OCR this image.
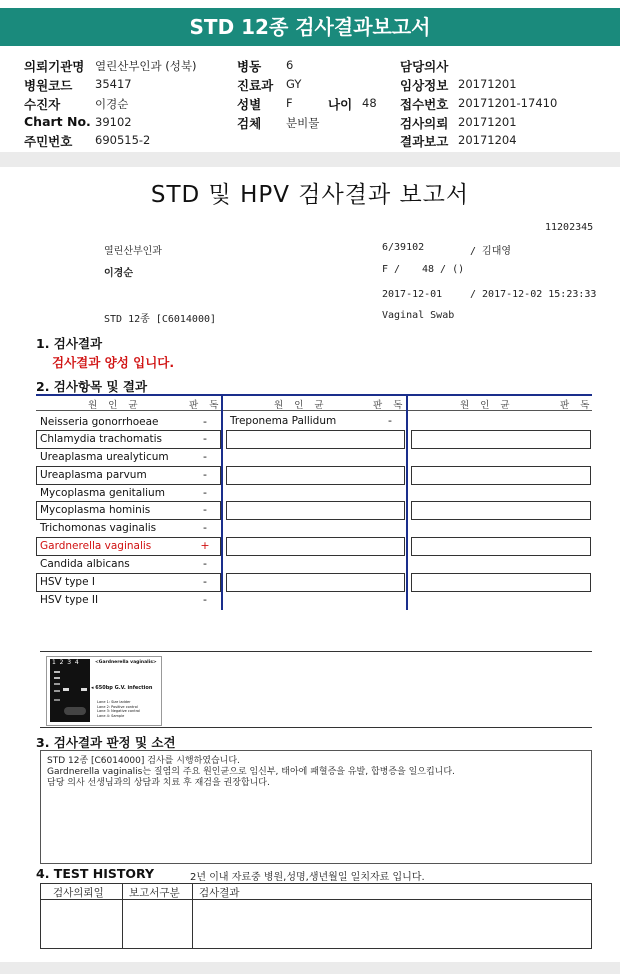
STD 12종 검사결과보고서
의뢰기관명 열린산부인과 (성북)
병원코드 35417
수진자	이경순
Chart No. 39102
주민번호 690515-2
병동 6
진료과 GY
성별 F	나이 48
검체 분비물
담당의사
임상정보 20171201
접수번호 20171201-17410
검사의뢰 20171201
결과보고 20171204
STD 및 HPV 검사결과 보고서
11202345
열린산부인과	6/39102	/ 김대영
이경순	F / 48 / ()
2017-12-01	/ 2017-12-02 15:23:33
STD 12종 [C6014000]	Vaginal Swab
1. 검사결과
검사결과 양성 입니다.
2. 검사항목 및 결과
원 인 균	판 독	원 인 균	판 독	원 인 균	판 독
Neisseria gonorrhoeae	-
Chlamydia trachomatis	-
Ureaplasma urealyticum	-
Ureaplasma parvum	-
Mycoplasma genitalium	-
Mycoplasma hominis	-
Trichomonas vaginalis	-
Gardnerella vaginalis	+
Candida albicans	-
HSV type I	-
HSV type II	-
Treponema Pallidum	-
1  2  3  4	<Gardnerella vaginalis>
◂ 650bp G.V. infection
Lane 1: Size ladder
Lane 2: Positive control
Lane 3: Negative control
Lane 4: Sample
3. 검사결과 판정 및 소견
STD 12종 [C6014000] 검사를 시행하였습니다.
Gardnerella vaginalis는 질염의 주요 원인균으로 임신부, 태아에 패혈증을 유발, 합병증을 일으킵니다.
담당 의사 선생님과의 상담과 치료 후 재검을 권장합니다.
4. TEST HISTORY	2년 이내 자료중 병원,성명,생년월일 일치자료 입니다.
검사의뢰일 보고서구분 검사결과
